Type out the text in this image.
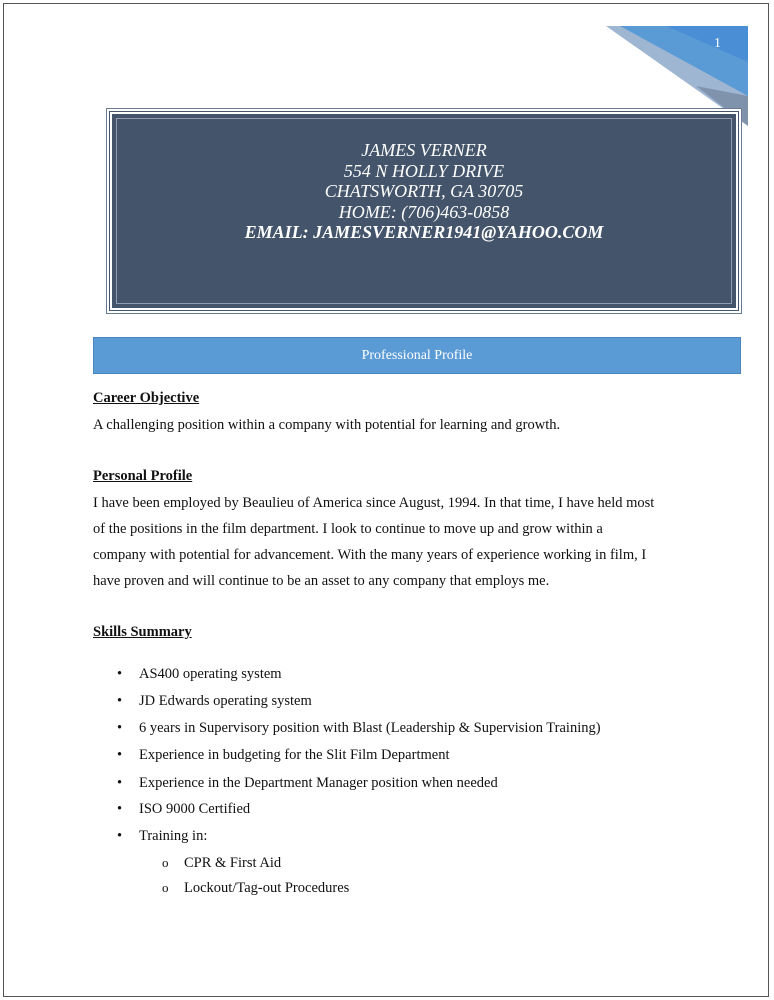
1
JAMES VERNER
554 N HOLLY DRIVE
CHATSWORTH, GA 30705
HOME: (706)463-0858
EMAIL: JAMESVERNER1941@YAHOO.COM
Professional Profile
Career Objective
A challenging position within a company with potential for learning and growth.
Personal Profile
I have been employed by Beaulieu of America since August, 1994. In that time, I have held most
of the positions in the film department. I look to continue to move up and grow within a
company with potential for advancement. With the many years of experience working in film, I
have proven and will continue to be an asset to any company that employs me.
Skills Summary
• AS400 operating system
• JD Edwards operating system
• 6 years in Supervisory position with Blast (Leadership & Supervision Training)
• Experience in budgeting for the Slit Film Department
• Experience in the Department Manager position when needed
• ISO 9000 Certified
• Training in:
o CPR & First Aid
o Lockout/Tag-out Procedures
